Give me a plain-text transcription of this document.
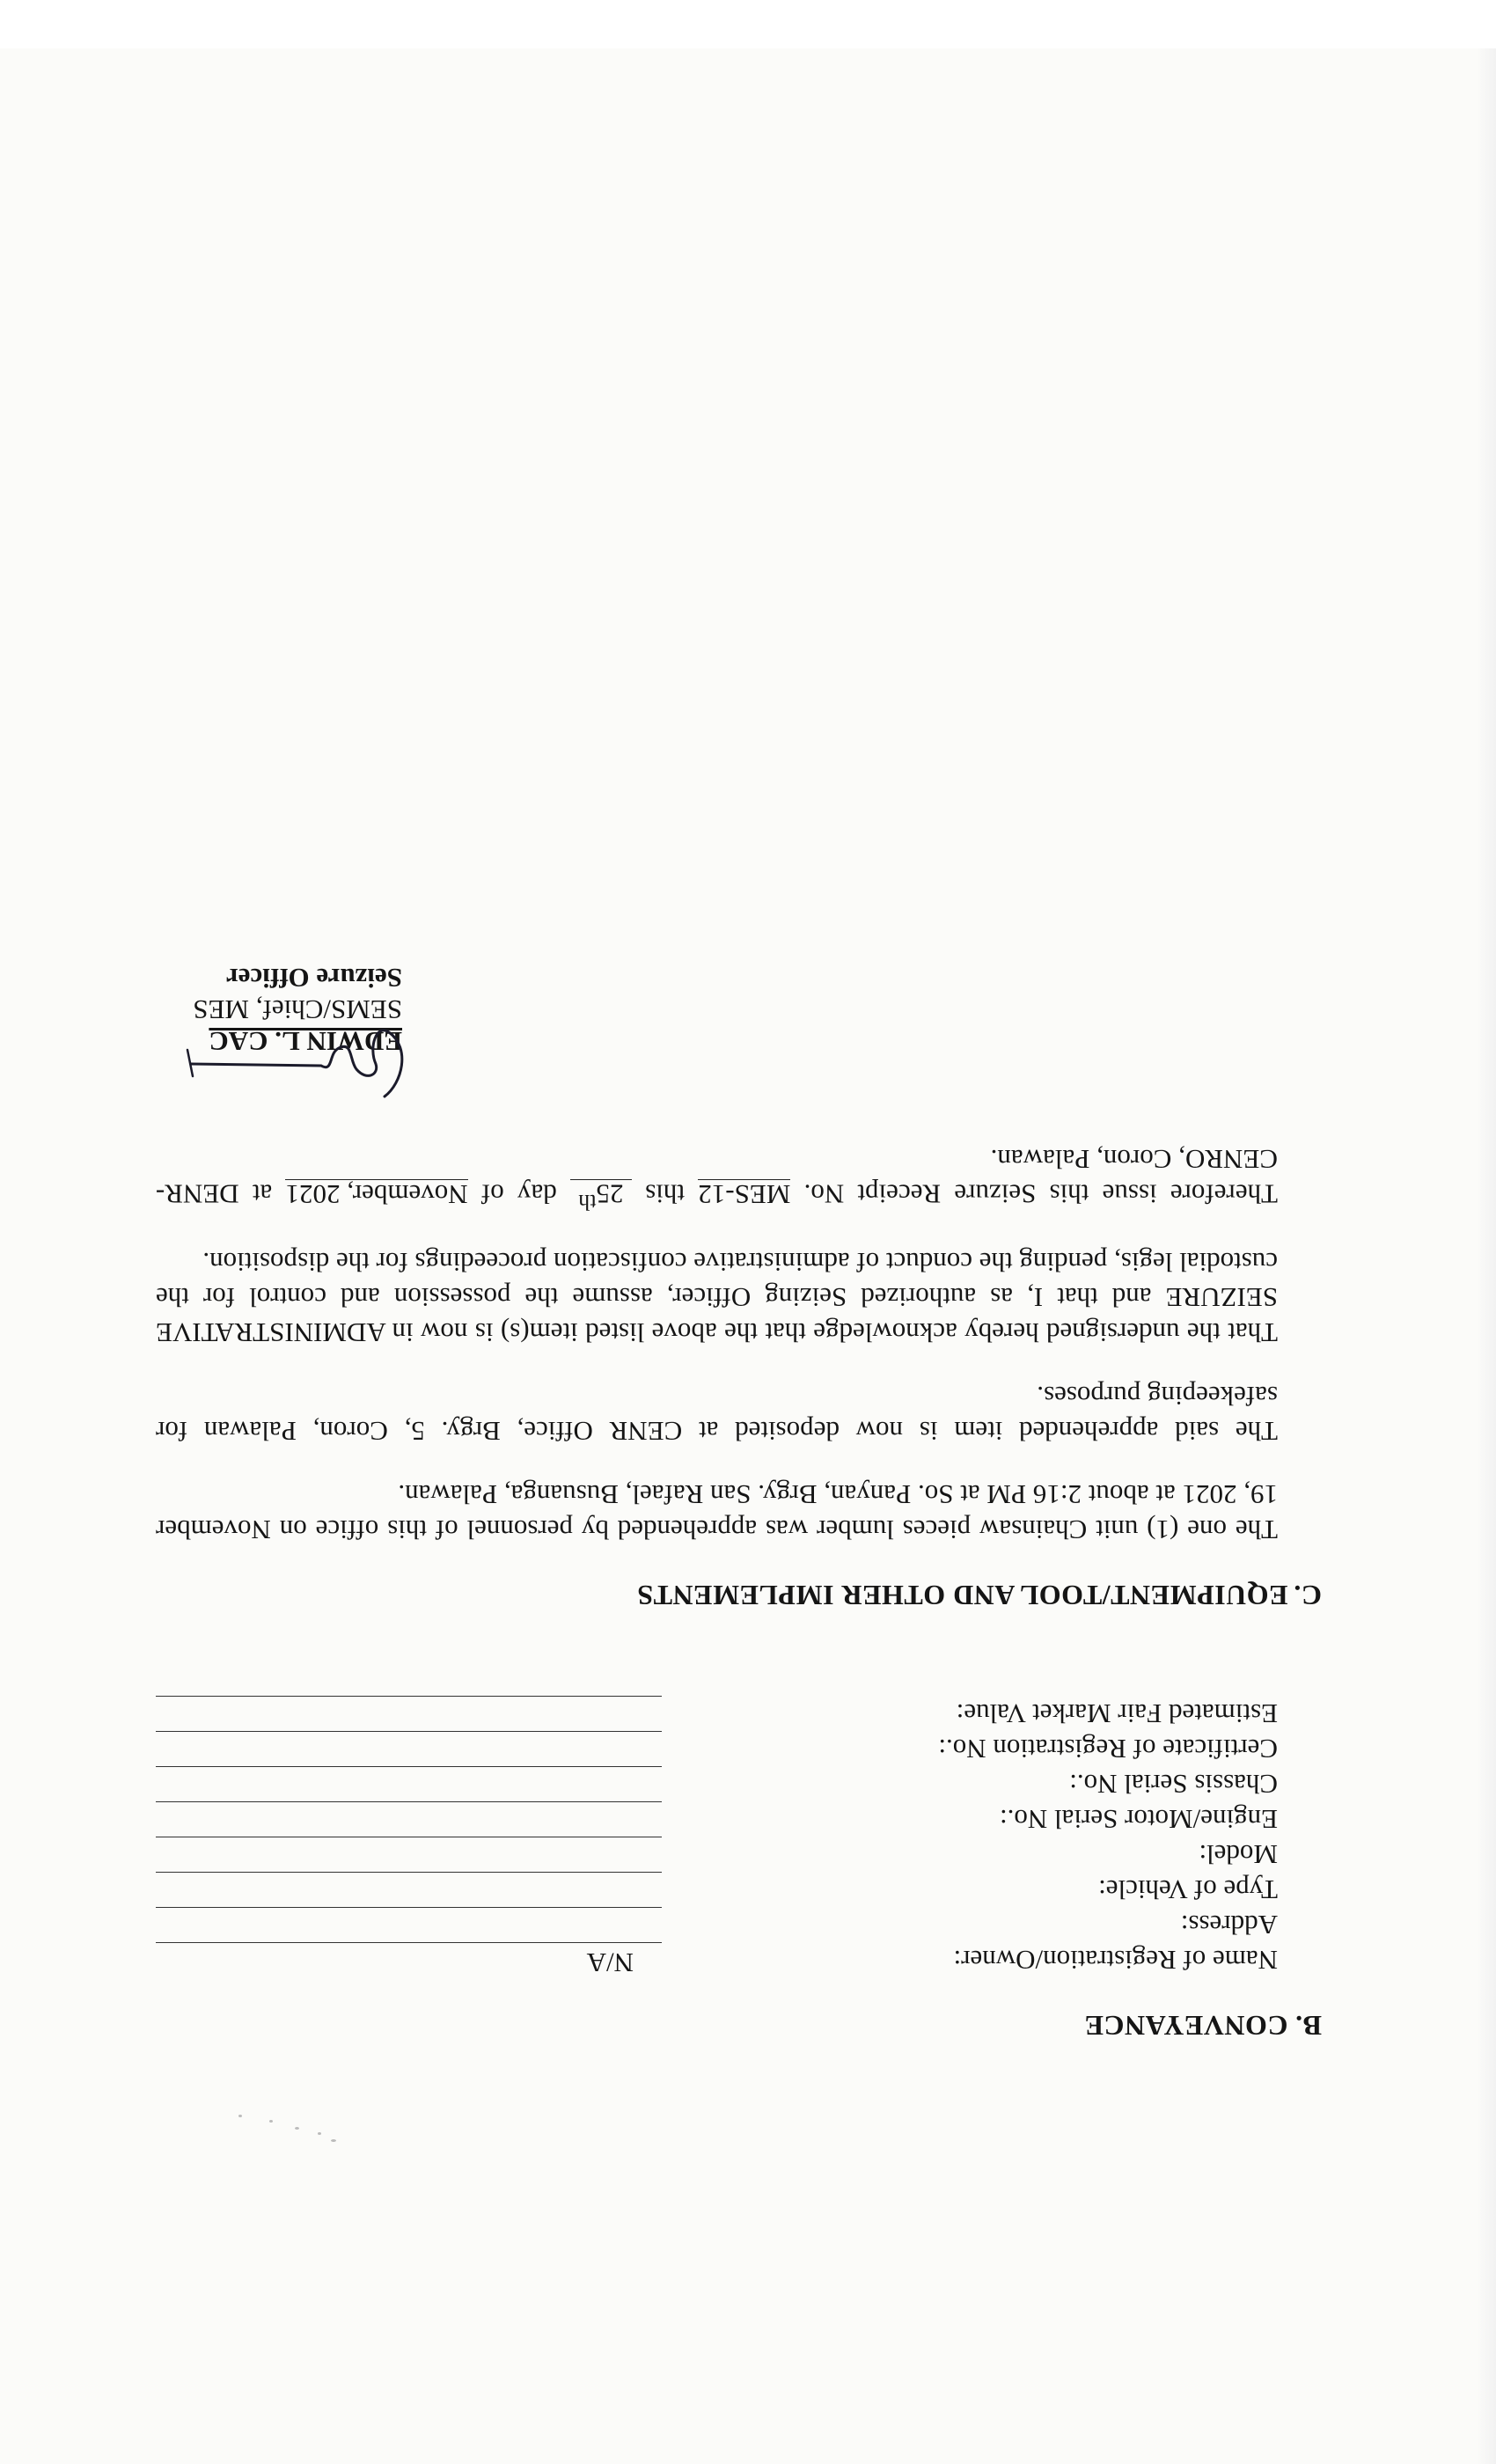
B. CONVEYANCE
Name of Registration/Owner:
N/A
Address:
Type of Vehicle:
Model:
Engine/Motor Serial No.:
Chassis Serial No.:
Certificate of Registration No.:
Estimated Fair Market Value:
C. EQUIPMENT/TOOL AND OTHER IMPLEMENTS

The one (1) unit Chainsaw pieces lumber was apprehended by personnel of this office on November 19, 2021 at about 2:16 PM at So. Panyan, Brgy. San Rafael, Busuanga, Palawan.

The said apprehended item is now deposited at CENR Office, Brgy. 5, Coron, Palawan for safekeeping purposes.

That the undersigned hereby acknowledge that the above listed item(s) is now in ADMINISTRATIVE SEIZURE and that I, as authorized Seizing Officer, assume the possession and control for the custodial legis, pending the conduct of administrative confiscation proceedings for the disposition.

Therefore issue this Seizure Receipt No. MES-12 this 25th day of November, 2021 at DENR-CENRO, Coron, Palawan.

EDWIN L. CAC
SEMS/Chief, MES
Seizure Officer
